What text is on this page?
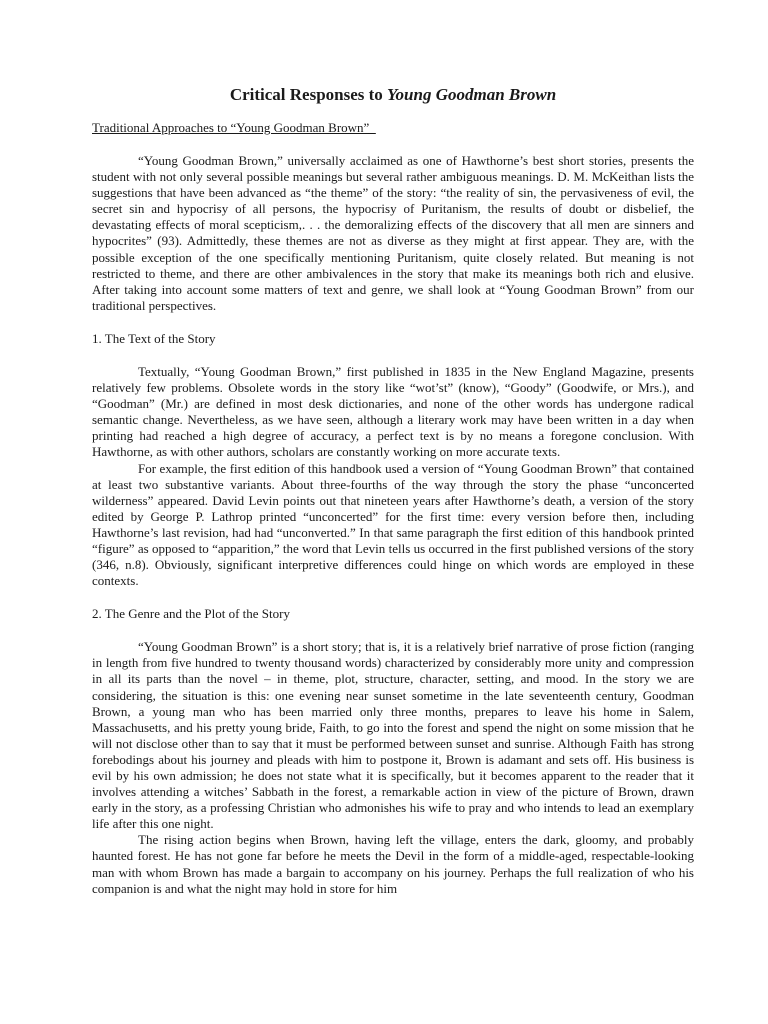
Critical Responses to Young Goodman Brown
Traditional Approaches to “Young Goodman Brown”

“Young Goodman Brown,” universally acclaimed as one of Hawthorne’s best short stories, presents the student with not only several possible meanings but several rather ambiguous meanings. D. M. McKeithan lists the suggestions that have been advanced as “the theme” of the story: “the reality of sin, the pervasiveness of evil, the secret sin and hypocrisy of all persons, the hypocrisy of Puritanism, the results of doubt or disbelief, the devastating effects of moral scepticism,. . . the demoralizing effects of the discovery that all men are sinners and hypocrites” (93). Admittedly, these themes are not as diverse as they might at first appear. They are, with the possible exception of the one specifically mentioning Puritanism, quite closely related. But meaning is not restricted to theme, and there are other ambivalences in the story that make its meanings both rich and elusive. After taking into account some matters of text and genre, we shall look at “Young Goodman Brown” from our traditional perspectives.

1. The Text of the Story

Textually, “Young Goodman Brown,” first published in 1835 in the New England Magazine, presents relatively few problems. Obsolete words in the story like “wot’st” (know), “Goody” (Goodwife, or Mrs.), and “Goodman” (Mr.) are defined in most desk dictionaries, and none of the other words has undergone radical semantic change. Nevertheless, as we have seen, although a literary work may have been written in a day when printing had reached a high degree of accuracy, a perfect text is by no means a foregone conclusion. With Hawthorne, as with other authors, scholars are constantly working on more accurate texts.

For example, the first edition of this handbook used a version of “Young Goodman Brown” that contained at least two substantive variants. About three-fourths of the way through the story the phase “unconcerted wilderness” appeared. David Levin points out that nineteen years after Hawthorne’s death, a version of the story edited by George P. Lathrop printed “unconcerted” for the first time: every version before then, including Hawthorne’s last revision, had had “unconverted.” In that same paragraph the first edition of this handbook printed “figure” as opposed to “apparition,” the word that Levin tells us occurred in the first published versions of the story (346, n.8). Obviously, significant interpretive differences could hinge on which words are employed in these contexts.

2. The Genre and the Plot of the Story

“Young Goodman Brown” is a short story; that is, it is a relatively brief narrative of prose fiction (ranging in length from five hundred to twenty thousand words) characterized by considerably more unity and compression in all its parts than the novel – in theme, plot, structure, character, setting, and mood. In the story we are considering, the situation is this: one evening near sunset sometime in the late seventeenth century, Goodman Brown, a young man who has been married only three months, prepares to leave his home in Salem, Massachusetts, and his pretty young bride, Faith, to go into the forest and spend the night on some mission that he will not disclose other than to say that it must be performed between sunset and sunrise. Although Faith has strong forebodings about his journey and pleads with him to postpone it, Brown is adamant and sets off. His business is evil by his own admission; he does not state what it is specifically, but it becomes apparent to the reader that it involves attending a witches’ Sabbath in the forest, a remarkable action in view of the picture of Brown, drawn early in the story, as a professing Christian who admonishes his wife to pray and who intends to lead an exemplary life after this one night.

The rising action begins when Brown, having left the village, enters the dark, gloomy, and probably haunted forest. He has not gone far before he meets the Devil in the form of a middle-aged, respectable-looking man with whom Brown has made a bargain to accompany on his journey. Perhaps the full realization of who his companion is and what the night may hold in store for him
